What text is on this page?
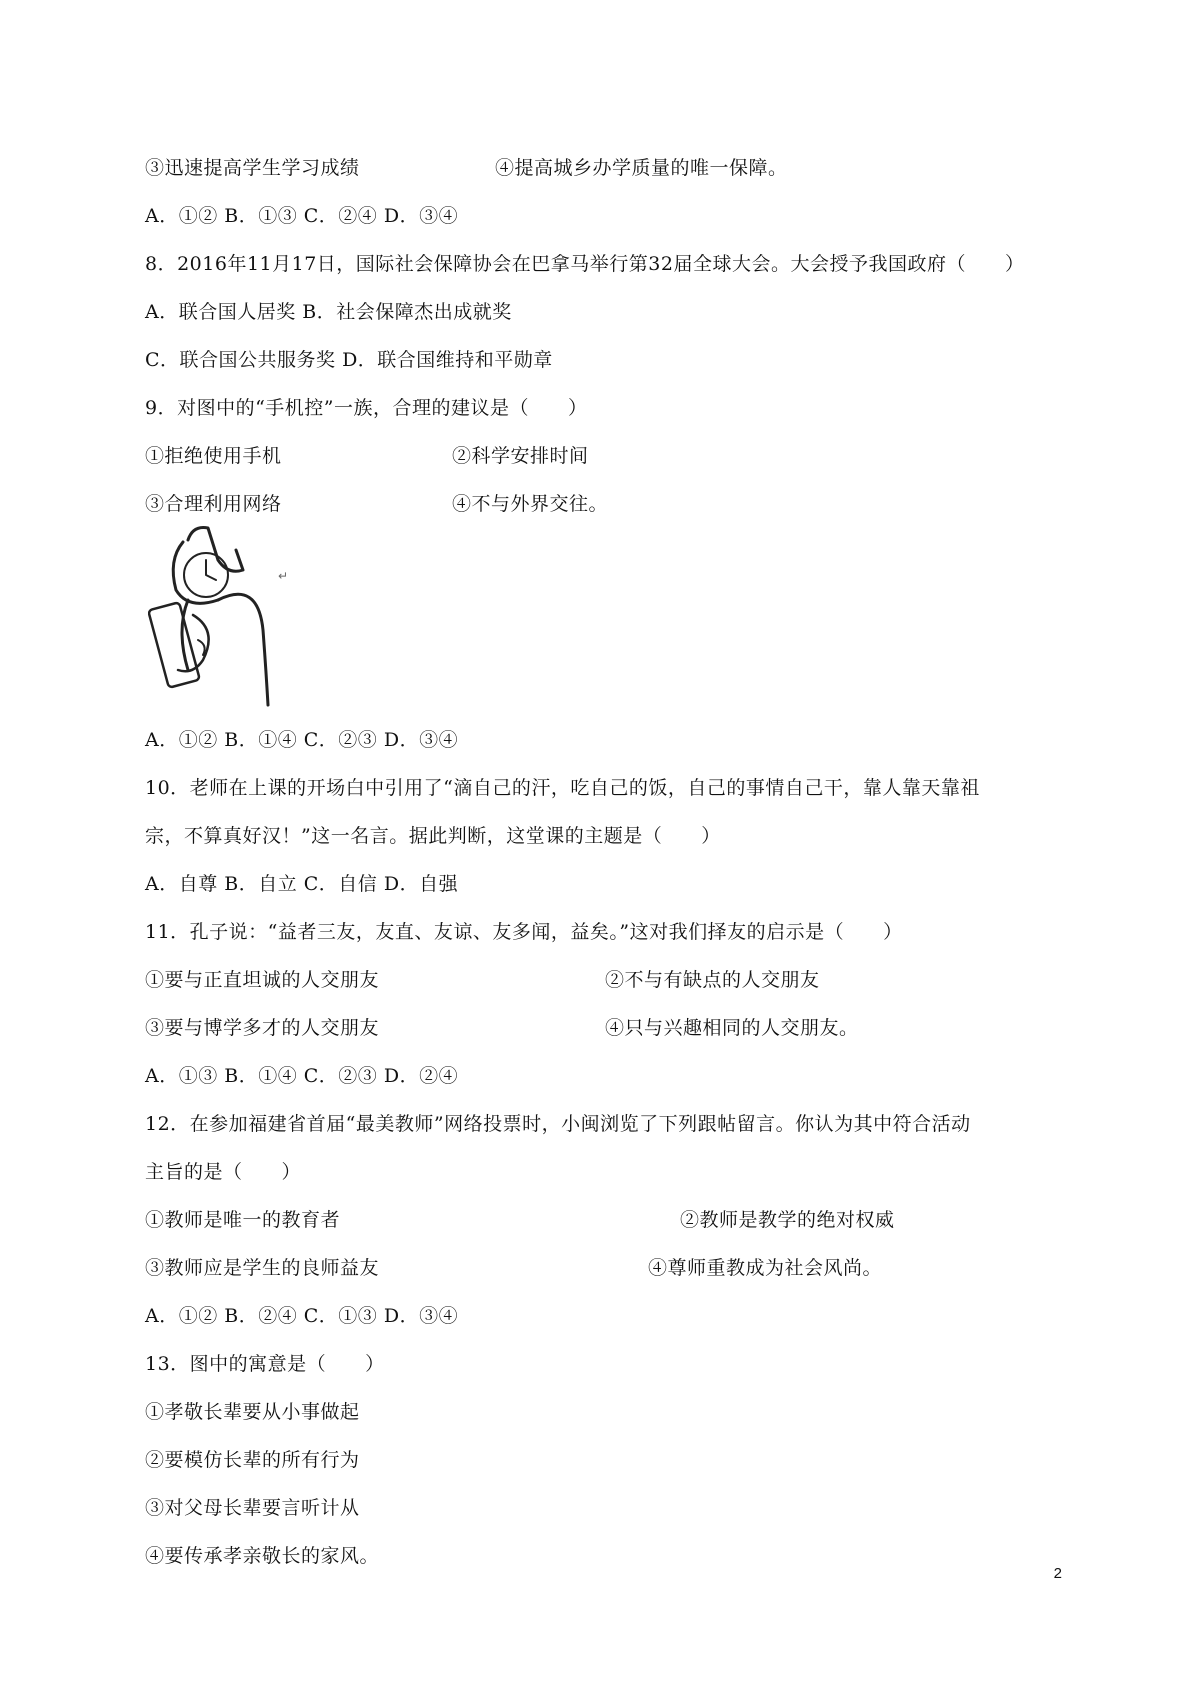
③迅速提高学生学习成绩	④提高城乡办学质量的唯一保障。
A．①② B．①③ C．②④ D．③④
8．2016年11月17日，国际社会保障协会在巴拿马举行第32届全球大会。大会授予我国政府（　　）
A．联合国人居奖 B．社会保障杰出成就奖
C．联合国公共服务奖 D．联合国维持和平勋章
9．对图中的“手机控”一族，合理的建议是（　　）
①拒绝使用手机	②科学安排时间
③合理利用网络	④不与外界交往。
↵
A．①② B．①④ C．②③ D．③④
10．老师在上课的开场白中引用了“滴自己的汗，吃自己的饭，自己的事情自己干，靠人靠天靠祖
宗，不算真好汉！”这一名言。据此判断，这堂课的主题是（　　）
A．自尊 B．自立 C．自信 D．自强
11．孔子说：“益者三友，友直、友谅、友多闻，益矣。”这对我们择友的启示是（　　）
①要与正直坦诚的人交朋友	②不与有缺点的人交朋友
③要与博学多才的人交朋友	④只与兴趣相同的人交朋友。
A．①③ B．①④ C．②③ D．②④
12．在参加福建省首届“最美教师”网络投票时，小闽浏览了下列跟帖留言。你认为其中符合活动
主旨的是（　　）
①教师是唯一的教育者	②教师是教学的绝对权威
③教师应是学生的良师益友	④尊师重教成为社会风尚。
A．①② B．②④ C．①③ D．③④
13．图中的寓意是（　　）
①孝敬长辈要从小事做起
②要模仿长辈的所有行为
③对父母长辈要言听计从
④要传承孝亲敬长的家风。
2
